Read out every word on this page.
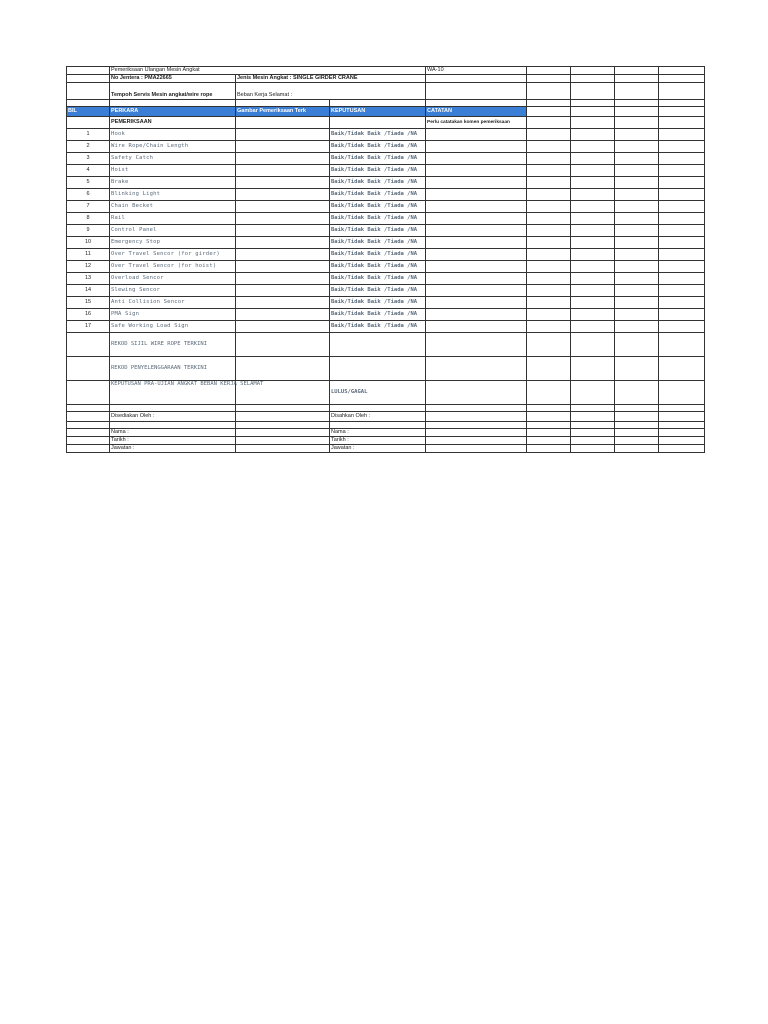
	Pemeriksaan Ulangan Mesin Angkat			WA-10				
	No Jentera : PMA22665	Jenis Mesin Angkat : SINGLE GIRDER CRANE						
	Tempoh Servis Mesin angkat/wire rope	Beban Kerja Selamat :						

BIL	PERKARA	Gambar Pemeriksaan Terk	KEPUTUSAN	CATATAN				
	PEMERIKSAAN			Perlu catatakan komen pemeriksaan				
1	Hook		Baik/Tidak Baik /Tiada /NA					
2	Wire Rope/Chain Length		Baik/Tidak Baik /Tiada /NA					
3	Safety Catch		Baik/Tidak Baik /Tiada /NA					
4	Hoist		Baik/Tidak Baik /Tiada /NA					
5	Brake		Baik/Tidak Baik /Tiada /NA					
6	Blinking Light		Baik/Tidak Baik /Tiada /NA					
7	Chain Becket		Baik/Tidak Baik /Tiada /NA					
8	Rail		Baik/Tidak Baik /Tiada /NA					
9	Control Panel		Baik/Tidak Baik /Tiada /NA					
10	Emergency Stop		Baik/Tidak Baik /Tiada /NA					
11	Over Travel Sencor (for girder)		Baik/Tidak Baik /Tiada /NA					
12	Over Travel Sencor (for hoist)		Baik/Tidak Baik /Tiada /NA					
13	Overload Sencor		Baik/Tidak Baik /Tiada /NA					
14	Slewing Sencor		Baik/Tidak Baik /Tiada /NA					
15	Anti Collision Sencor		Baik/Tidak Baik /Tiada /NA					
16	PMA Sign		Baik/Tidak Baik /Tiada /NA					
17	Safe Working Load Sign		Baik/Tidak Baik /Tiada /NA					
	REKOD SIJIL WIRE ROPE TERKINI							
	REKOD PENYELENGGARAAN TERKINI							
	KEPUTUSAN PRA-UJIAN ANGKAT BEBAN KERJA SELAMAT		LULUS/GAGAL					

	Disediakan Oleh :		Disahkan Oleh :					

	Nama :		Nama :					
	Tarikh :		Tarikh :					
	Jawatan :		Jawatan :					
